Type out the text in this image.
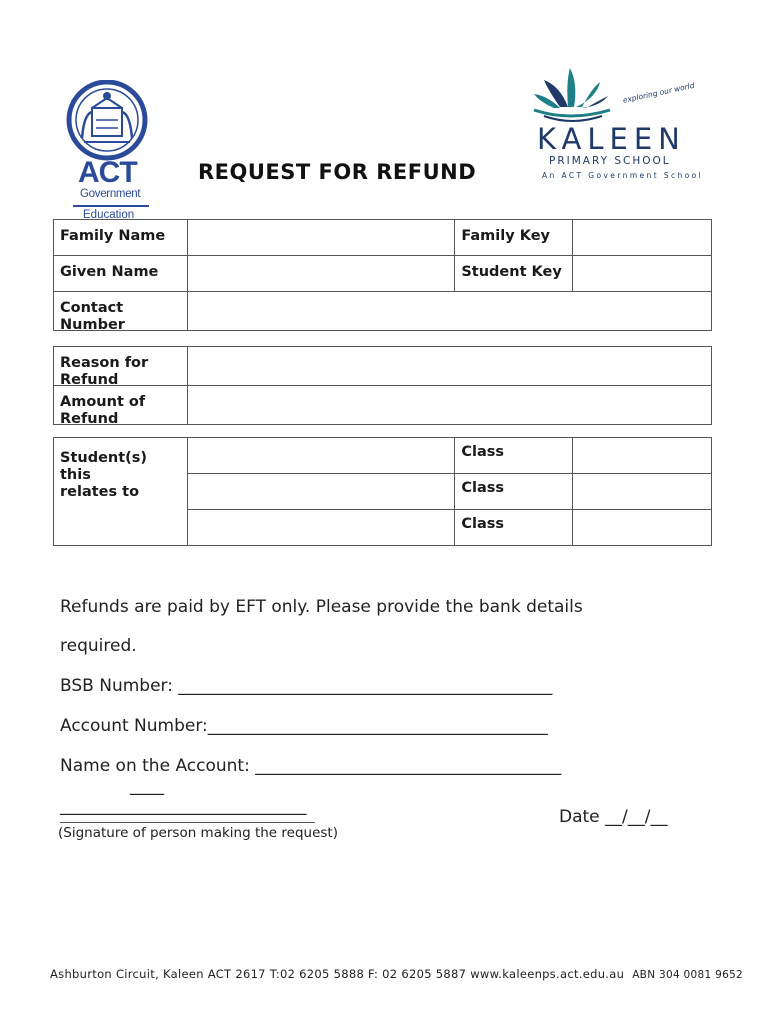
ACT
Government
Education
exploring our world
KALEEN
PRIMARY SCHOOL
An ACT Government School
REQUEST FOR REFUND
Family Name		Family Key	

Given Name		Student Key	

Contact
Number			

Reason for
Refund	

Amount of
Refund	

Student(s)
this
relates to		Class	

		Class	

		Class	

Refunds are paid by EFT only. Please provide the bank details
required.
BSB Number: ____________________________________________
Account Number:________________________________________
Name on the Account: ____________________________________
____
_____________________________
(Signature of person making the request)
Date __/__/__
Ashburton Circuit, Kaleen ACT 2617 T:02 6205 5888 F: 02 6205 5887 www.kaleenps.act.edu.au ABN 304 0081 9652
